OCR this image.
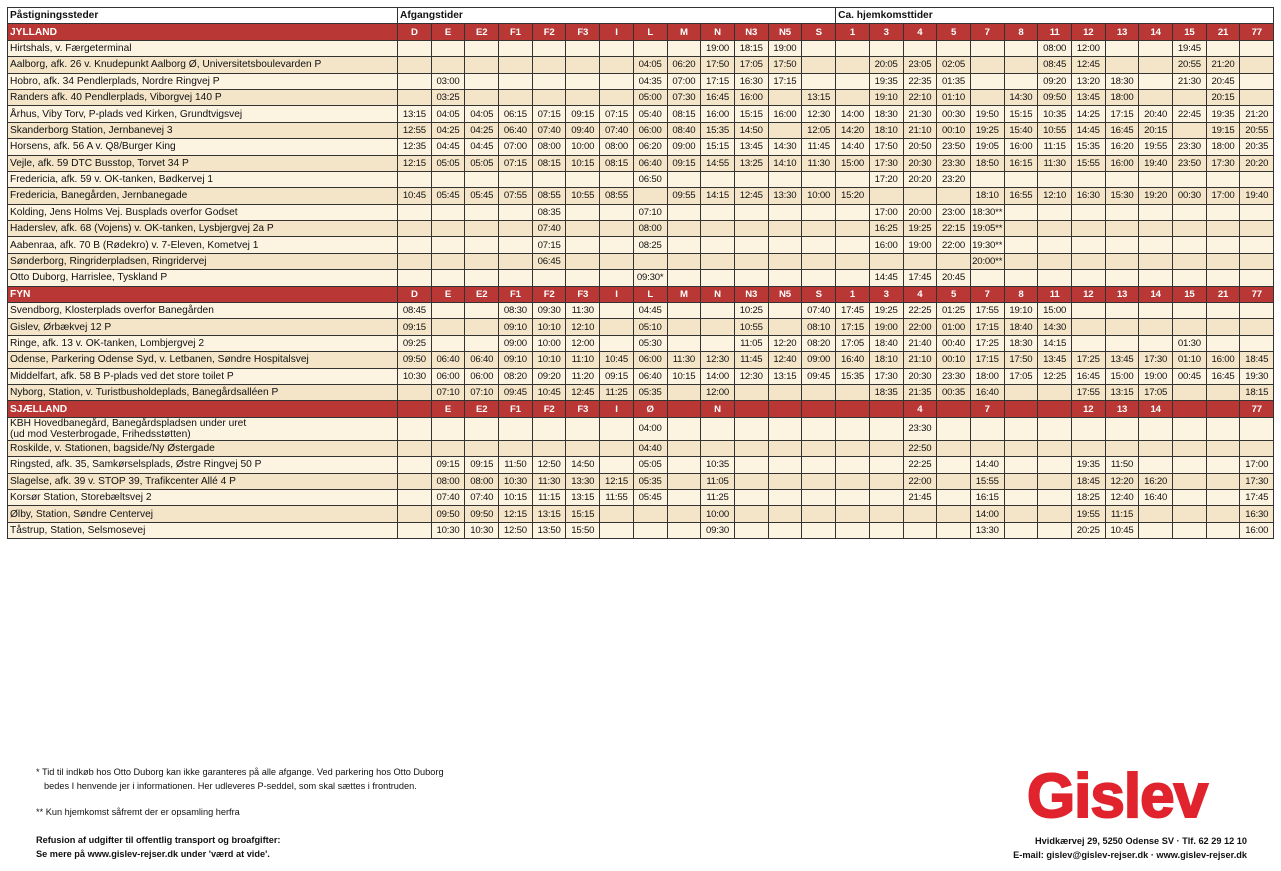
Påstigningssteder	Afgangstider													Ca. hjemkomsttider												
JYLLAND	D	E	E2	F1	F2	F3	I	L	M	N	N3	N5	S	1	3	4	5	7	8	11	12	13	14	15	21	77
Hirtshals, v. Færgeterminal										19:00	18:15	19:00								08:00	12:00			19:45		
Aalborg, afk. 26 v. Knudepunkt Aalborg Ø, Universitetsboulevarden P								04:05	06:20	17:50	17:05	17:50			20:05	23:05	02:05			08:45	12:45			20:55	21:20	
Hobro, afk. 34 Pendlerplads, Nordre Ringvej P		03:00						04:35	07:00	17:15	16:30	17:15			19:35	22:35	01:35			09:20	13:20	18:30		21:30	20:45	
Randers afk. 40 Pendlerplads, Viborgvej 140 P		03:25						05:00	07:30	16:45	16:00		13:15		19:10	22:10	01:10		14:30	09:50	13:45	18:00			20:15	
Århus, Viby Torv, P-plads ved Kirken, Grundtvigsvej	13:15	04:05	04:05	06:15	07:15	09:15	07:15	05:40	08:15	16:00	15:15	16:00	12:30	14:00	18:30	21:30	00:30	19:50	15:15	10:35	14:25	17:15	20:40	22:45	19:35	21:20
Skanderborg Station, Jernbanevej 3	12:55	04:25	04:25	06:40	07:40	09:40	07:40	06:00	08:40	15:35	14:50		12:05	14:20	18:10	21:10	00:10	19:25	15:40	10:55	14:45	16:45	20:15		19:15	20:55
Horsens, afk. 56 A v. Q8/Burger King	12:35	04:45	04:45	07:00	08:00	10:00	08:00	06:20	09:00	15:15	13:45	14:30	11:45	14:40	17:50	20:50	23:50	19:05	16:00	11:15	15:35	16:20	19:55	23:30	18:00	20:35
Vejle, afk. 59 DTC Busstop, Torvet 34 P	12:15	05:05	05:05	07:15	08:15	10:15	08:15	06:40	09:15	14:55	13:25	14:10	11:30	15:00	17:30	20:30	23:30	18:50	16:15	11:30	15:55	16:00	19:40	23:50	17:30	20:20
Fredericia, afk. 59 v. OK-tanken, Bødkervej 1								06:50							17:20	20:20	23:20									
Fredericia, Banegården, Jernbanegade	10:45	05:45	05:45	07:55	08:55	10:55	08:55		09:55	14:15	12:45	13:30	10:00	15:20				18:10	16:55	12:10	16:30	15:30	19:20	00:30	17:00	19:40
Kolding, Jens Holms Vej. Busplads overfor Godset					08:35			07:10							17:00	20:00	23:00	18:30**								
Haderslev, afk. 68 (Vojens) v. OK-tanken, Lysbjergvej 2a P					07:40			08:00							16:25	19:25	22:15	19:05**								
Aabenraa, afk. 70 B (Rødekro) v. 7-Eleven, Kometvej 1					07:15			08:25							16:00	19:00	22:00	19:30**								
Sønderborg, Ringriderpladsen, Ringridervej					06:45													20:00**								
Otto Duborg, Harrislee, Tyskland P								09:30*							14:45	17:45	20:45									
FYN	D	E	E2	F1	F2	F3	I	L	M	N	N3	N5	S	1	3	4	5	7	8	11	12	13	14	15	21	77
Svendborg, Klosterplads overfor Banegården	08:45			08:30	09:30	11:30		04:45			10:25		07:40	17:45	19:25	22:25	01:25	17:55	19:10	15:00						
Gislev, Ørbækvej 12 P	09:15			09:10	10:10	12:10		05:10			10:55		08:10	17:15	19:00	22:00	01:00	17:15	18:40	14:30						
Ringe, afk. 13 v. OK-tanken, Lombjergvej 2	09:25			09:00	10:00	12:00		05:30			11:05	12:20	08:20	17:05	18:40	21:40	00:40	17:25	18:30	14:15				01:30		
Odense, Parkering Odense Syd, v. Letbanen, Søndre Hospitalsvej	09:50	06:40	06:40	09:10	10:10	11:10	10:45	06:00	11:30	12:30	11:45	12:40	09:00	16:40	18:10	21:10	00:10	17:15	17:50	13:45	17:25	13:45	17:30	01:10	16:00	18:45
Middelfart, afk. 58 B P-plads ved det store toilet P	10:30	06:00	06:00	08:20	09:20	11:20	09:15	06:40	10:15	14:00	12:30	13:15	09:45	15:35	17:30	20:30	23:30	18:00	17:05	12:25	16:45	15:00	19:00	00:45	16:45	19:30
Nyborg, Station, v. Turistbusholdeplads, Banegårdsalléen P		07:10	07:10	09:45	10:45	12:45	11:25	05:35		12:00					18:35	21:35	00:35	16:40			17:55	13:15	17:05			18:15
SJÆLLAND		E	E2	F1	F2	F3	I	Ø		N						4		7			12	13	14			77

KBH Hovedbanegård, Banegårdspladsen under uret
(ud mod Vesterbrogade, Frihedsstøtten)								04:00								23:30										
Roskilde, v. Stationen, bagside/Ny Østergade								04:40								22:50										
Ringsted, afk. 35, Samkørselsplads, Østre Ringvej 50 P		09:15	09:15	11:50	12:50	14:50		05:05		10:35						22:25		14:40			19:35	11:50				17:00
Slagelse, afk. 39 v. STOP 39, Trafikcenter Allé 4 P		08:00	08:00	10:30	11:30	13:30	12:15	05:35		11:05						22:00		15:55			18:45	12:20	16:20			17:30
Korsør Station, Storebæltsvej 2		07:40	07:40	10:15	11:15	13:15	11:55	05:45		11:25						21:45		16:15			18:25	12:40	16:40			17:45
Ølby, Station, Søndre Centervej		09:50	09:50	12:15	13:15	15:15				10:00								14:00			19:55	11:15				16:30
Tåstrup, Station, Selsmosevej		10:30	10:30	12:50	13:50	15:50				09:30								13:30			20:25	10:45				16:00
* Tid til indkøb hos Otto Duborg kan ikke garanteres på alle afgange. Ved parkering hos Otto Duborg
bedes I henvende jer i informationen. Her udleveres P-seddel, som skal sættes i frontruden.
** Kun hjemkomst såfremt der er opsamling herfra
Refusion af udgifter til offentlig transport og broafgifter:
Se mere på www.gislev-rejser.dk under 'værd at vide'.
Gislev
Hvidkærvej 29, 5250 Odense SV · Tlf. 62 29 12 10
E-mail: gislev@gislev-rejser.dk · www.gislev-rejser.dk
